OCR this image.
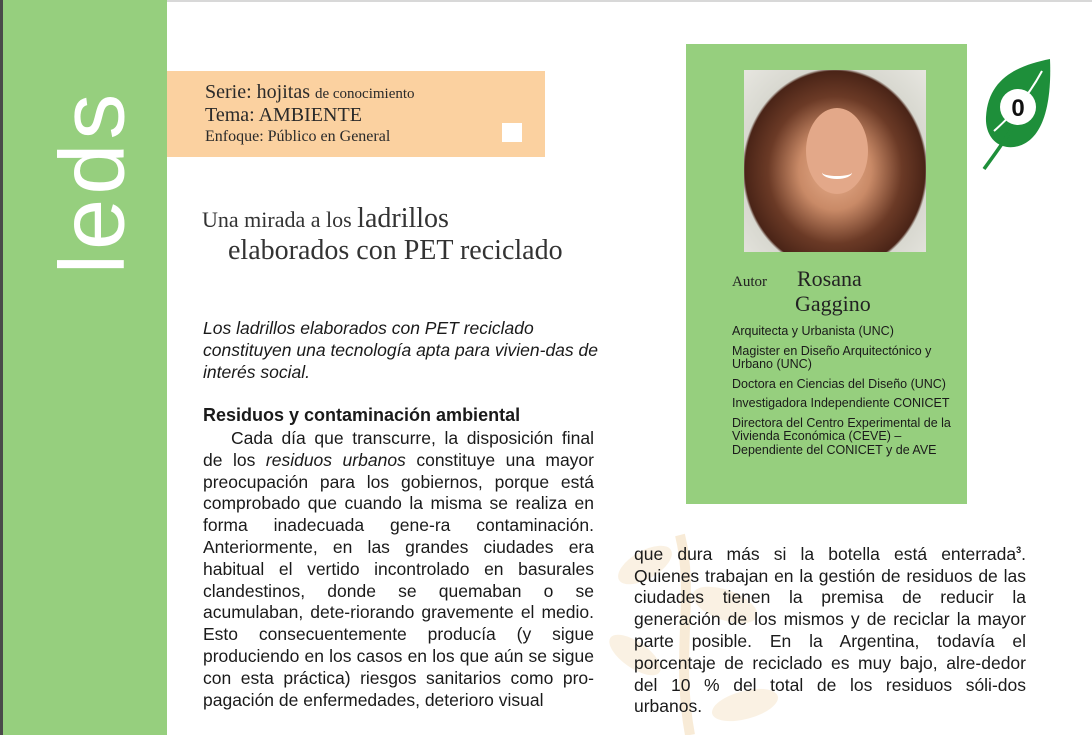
leds	Serie: hojitas de conocimiento
Tema: AMBIENTE
Enfoque: Público en General
Una mirada a los ladrillos
elaborados con PET reciclado
Los ladrillos elaborados con PET reciclado constituyen una tecnología apta para vivien-das de interés social.
Residuos y contaminación ambiental
Cada día que transcurre, la disposición final de los residuos urbanos constituye una mayor preocupación para los gobiernos, porque está comprobado que cuando la misma se realiza en forma inadecuada gene-ra contaminación. Anteriormente, en las grandes ciudades era habitual el vertido incontrolado en basurales clandestinos, donde se quemaban o se acumulaban, dete-riorando gravemente el medio. Esto consecuentemente producía (y sigue produciendo en los casos en los que aún se sigue con esta práctica) riesgos sanitarios como pro-pagación de enfermedades, deterioro visual
Autor Rosana
Gaggino
Arquitecta y Urbanista (UNC)
Magister en Diseño Arquitectónico y Urbano (UNC)
Doctora en Ciencias del Diseño (UNC)
Investigadora Independiente CONICET
Directora del Centro Experimental de la Vivienda Económica (CEVE) – Dependiente del CONICET y de AVE
0
que dura más si la botella está enterrada$^3$. Quienes trabajan en la gestión de residuos de las ciudades tienen la premisa de reducir la generación de los mismos y de reciclar la mayor parte posible. En la Argentina, todavía el porcentaje de reciclado es muy bajo, alre-dedor del 10 % del total de los residuos sóli-dos urbanos.
